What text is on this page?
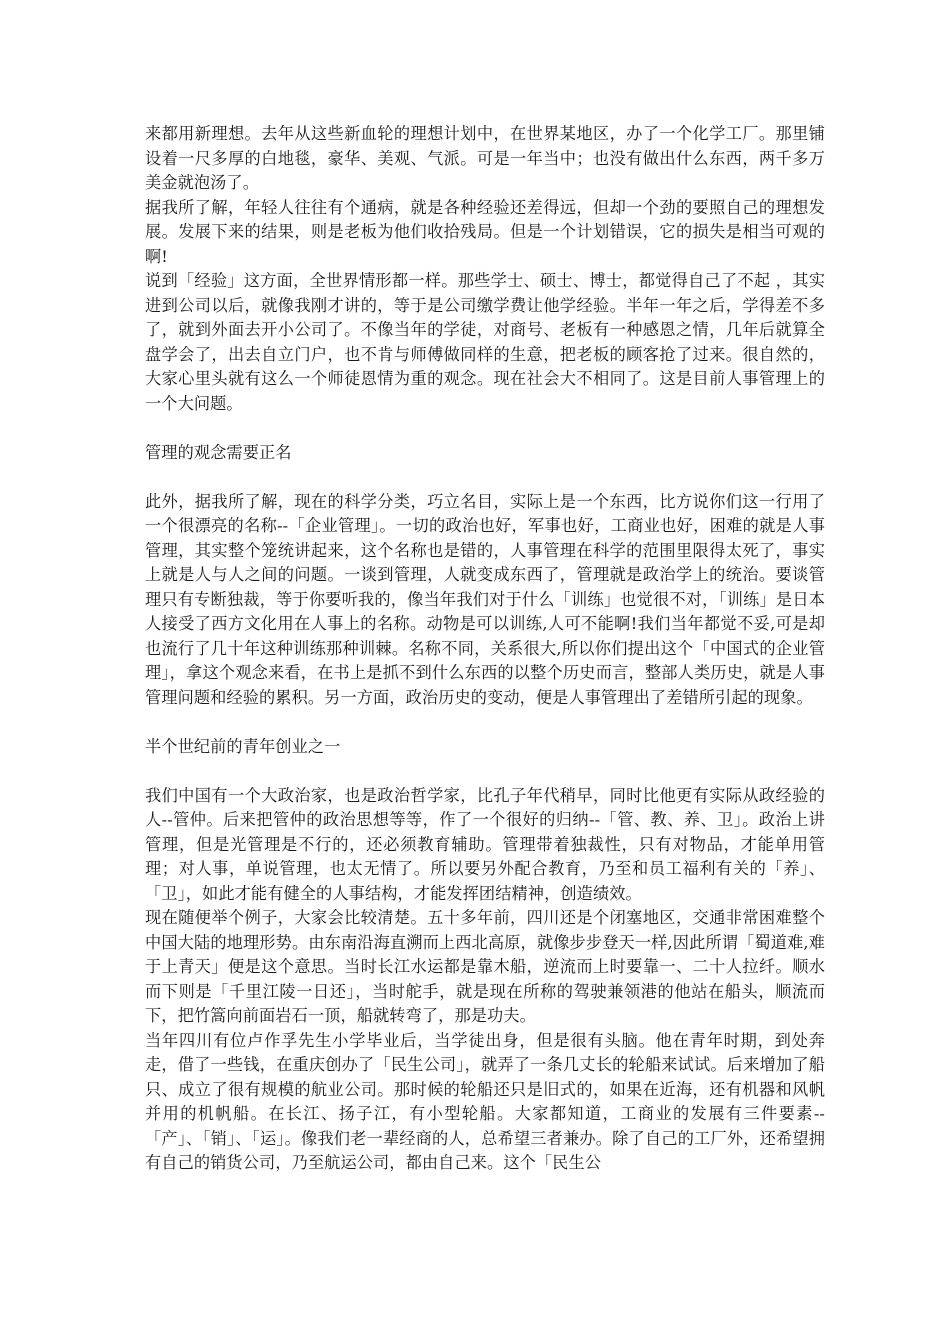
来都用新理想。去年从这些新血轮的理想计划中，在世界某地区，办了一个化学工厂。那里铺设着一尺多厚的白地毯，豪华、美观、气派。可是一年当中；也没有做出什么东西，两千多万美金就泡汤了。

据我所了解，年轻人往往有个通病，就是各种经验还差得远，但却一个劲的要照自己的理想发展。发展下来的结果，则是老板为他们收拾残局。但是一个计划错误，它的损失是相当可观的啊!

说到「经验」这方面，全世界情形都一样。那些学士、硕士、博士，都觉得自己了不起 ，其实进到公司以后，就像我刚才讲的，等于是公司缴学费让他学经验。半年一年之后，学得差不多了，就到外面去开小公司了。不像当年的学徒，对商号、老板有一种感恩之情，几年后就算全盘学会了，出去自立门户，也不肯与师傅做同样的生意，把老板的顾客抢了过来。很自然的，大家心里头就有这么一个师徒恩情为重的观念。现在社会大不相同了。这是目前人事管理上的一个大问题。

管理的观念需要正名

此外，据我所了解，现在的科学分类，巧立名目，实际上是一个东西，比方说你们这一行用了一个很漂亮的名称--「企业管理」。一切的政治也好，军事也好，工商业也好，困难的就是人事管理，其实整个笼统讲起来，这个名称也是错的，人事管理在科学的范围里限得太死了，事实上就是人与人之间的问题。一谈到管理，人就变成东西了，管理就是政治学上的统治。要谈管理只有专断独裁，等于你要听我的，像当年我们对于什么「训练」也觉很不对，「训练」是日本人接受了西方文化用在人事上的名称。动物是可以训练,人可不能啊!我们当年都觉不妥,可是却也流行了几十年这种训练那种训棘。名称不同，关系很大,所以你们提出这个「中国式的企业管理」，拿这个观念来看，在书上是抓不到什么东西的以整个历史而言，整部人类历史，就是人事管理问题和经验的累积。另一方面，政治历史的变动，便是人事管理出了差错所引起的现象。

半个世纪前的青年创业之一

我们中国有一个大政治家，也是政治哲学家，比孔子年代稍早，同时比他更有实际从政经验的人--管仲。后来把管仲的政治思想等等，作了一个很好的归纳--「管、教、养、卫」。政治上讲管理，但是光管理是不行的，还必须教育辅助。管理带着独裁性，只有对物品，才能单用管理；对人事，单说管理，也太无情了。所以要另外配合教育，乃至和员工福利有关的「养」、「卫」，如此才能有健全的人事结构，才能发挥团结精神，创造绩效。

现在随便举个例子，大家会比较清楚。五十多年前，四川还是个闭塞地区，交通非常困难整个中国大陆的地理形势。由东南沿海直溯而上西北高原，就像步步登天一样,因此所谓「蜀道难,难于上青天」便是这个意思。当时长江水运都是靠木船，逆流而上时要靠一、二十人拉纤。顺水而下则是「千里江陵一日还」，当时舵手，就是现在所称的驾驶兼领港的他站在船头，顺流而下，把竹篙向前面岩石一顶，船就转弯了，那是功夫。

当年四川有位卢作孚先生小学毕业后，当学徒出身，但是很有头脑。他在青年时期，到处奔走，借了一些钱，在重庆创办了「民生公司」，就弄了一条几丈长的轮船来试试。后来增加了船只、成立了很有规模的航业公司。那时候的轮船还只是旧式的，如果在近海，还有机器和风帆并用的机帆船。在长江、扬子江，有小型轮船。大家都知道，工商业的发展有三件要素--「产」、「销」、「运」。像我们老一辈经商的人，总希望三者兼办。除了自己的工厂外，还希望拥有自己的销货公司，乃至航运公司，都由自己来。这个「民生公
